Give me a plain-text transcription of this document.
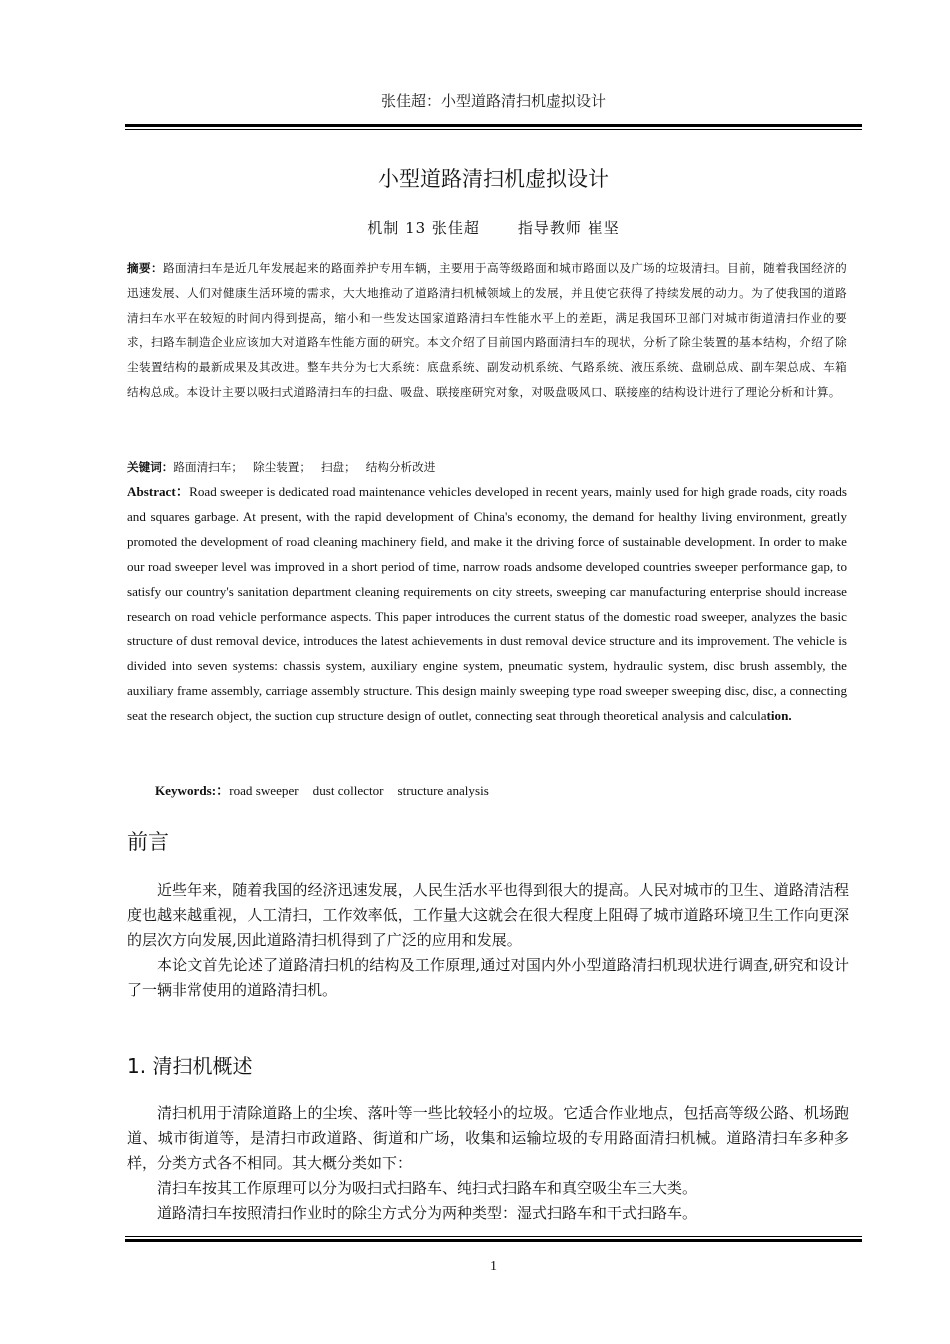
张佳超：小型道路清扫机虚拟设计
小型道路清扫机虚拟设计
机制 13 张佳超	指导教师 崔坚
摘要：路面清扫车是近几年发展起来的路面养护专用车辆，主要用于高等级路面和城市路面以及广场的垃圾清扫。目前，随着我国经济的迅速发展、人们对健康生活环境的需求，大大地推动了道路清扫机械领域上的发展，并且使它获得了持续发展的动力。为了使我国的道路清扫车水平在较短的时间内得到提高，缩小和一些发达国家道路清扫车性能水平上的差距，满足我国环卫部门对城市街道清扫作业的要求，扫路车制造企业应该加大对道路车性能方面的研究。本文介绍了目前国内路面清扫车的现状，分析了除尘装置的基本结构，介绍了除尘装置结构的最新成果及其改进。整车共分为七大系统：底盘系统、副发动机系统、气路系统、液压系统、盘刷总成、副车架总成、车箱结构总成。本设计主要以吸扫式道路清扫车的扫盘、吸盘、联接座研究对象，对吸盘吸风口、联接座的结构设计进行了理论分析和计算。
关键词：路面清扫车； 除尘装置； 扫盘； 结构分析改进
Abstract：Road sweeper is dedicated road maintenance vehicles developed in recent years, mainly used for high grade roads, city roads and squares garbage. At present, with the rapid development of China's economy, the demand for healthy living environment, greatly promoted the development of road cleaning machinery field, and make it the driving force of sustainable development. In order to make our road sweeper level was improved in a short period of time, narrow roads andsome developed countries sweeper performance gap, to satisfy our country's sanitation department cleaning requirements on city streets, sweeping car manufacturing enterprise should increase research on road vehicle performance aspects. This paper introduces the current status of the domestic road sweeper, analyzes the basic structure of dust removal device, introduces the latest achievements in dust removal device structure and its improvement. The vehicle is divided into seven systems: chassis system, auxiliary engine system, pneumatic system, hydraulic system, disc brush assembly, the auxiliary frame assembly, carriage assembly structure. This design mainly sweeping type road sweeper sweeping disc, disc, a connecting seat the research object, the suction cup structure design of outlet, connecting seat through theoretical analysis and calculation.
Keywords:：road sweeper dust collector structure analysis
前言
近些年来，随着我国的经济迅速发展，人民生活水平也得到很大的提高。人民对城市的卫生、道路清洁程度也越来越重视，人工清扫，工作效率低，工作量大这就会在很大程度上阻碍了城市道路环境卫生工作向更深的层次方向发展,因此道路清扫机得到了广泛的应用和发展。
本论文首先论述了道路清扫机的结构及工作原理,通过对国内外小型道路清扫机现状进行调查,研究和设计了一辆非常使用的道路清扫机。
1. 清扫机概述
清扫机用于清除道路上的尘埃、落叶等一些比较轻小的垃圾。它适合作业地点，包括高等级公路、机场跑道、城市街道等，是清扫市政道路、街道和广场，收集和运输垃圾的专用路面清扫机械。道路清扫车多种多样，分类方式各不相同。其大概分类如下：
清扫车按其工作原理可以分为吸扫式扫路车、纯扫式扫路车和真空吸尘车三大类。
道路清扫车按照清扫作业时的除尘方式分为两种类型：湿式扫路车和干式扫路车。
1
